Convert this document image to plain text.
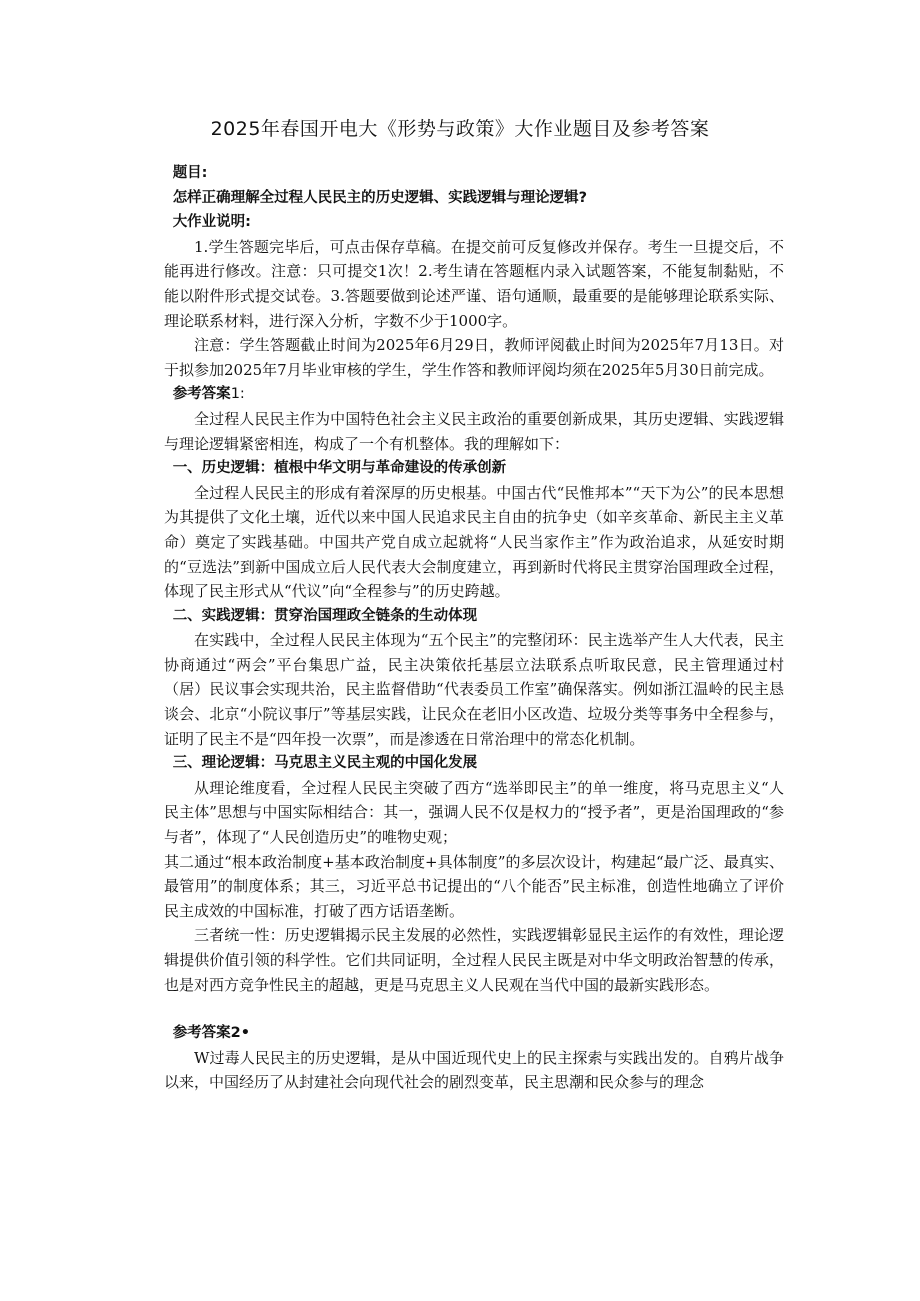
2025年春国开电大《形势与政策》大作业题目及参考答案

题目:

怎样正确理解全过程人民民主的历史逻辑、实践逻辑与理论逻辑?

大作业说明:

1.学生答题完毕后，可点击保存草稿。在提交前可反复修改并保存。考生一旦提交后，不能再进行修改。注意：只可提交1次！2.考生请在答题框内录入试题答案，不能复制黏贴，不能以附件形式提交试卷。3.答题要做到论述严谨、语句通顺，最重要的是能够理论联系实际、理论联系材料，进行深入分析，字数不少于1000字。

注意：学生答题截止时间为2025年6月29日，教师评阅截止时间为2025年7月13日。对于拟参加2025年7月毕业审核的学生，学生作答和教师评阅均须在2025年5月30日前完成。

参考答案1:

全过程人民民主作为中国特色社会主义民主政治的重要创新成果，其历史逻辑、实践逻辑与理论逻辑紧密相连，构成了一个有机整体。我的理解如下：

一、历史逻辑：植根中华文明与革命建设的传承创新

全过程人民民主的形成有着深厚的历史根基。中国古代“民惟邦本”“天下为公”的民本思想为其提供了文化土壤，近代以来中国人民追求民主自由的抗争史（如辛亥革命、新民主主义革命）奠定了实践基础。中国共产党自成立起就将“人民当家作主”作为政治追求，从延安时期的“豆选法”到新中国成立后人民代表大会制度建立，再到新时代将民主贯穿治国理政全过程，体现了民主形式从“代议”向“全程参与”的历史跨越。

二、实践逻辑：贯穿治国理政全链条的生动体现

在实践中，全过程人民民主体现为“五个民主”的完整闭环：民主选举产生人大代表，民主协商通过“两会”平台集思广益，民主决策依托基层立法联系点听取民意，民主管理通过村（居）民议事会实现共治，民主监督借助“代表委员工作室”确保落实。例如浙江温岭的民主恳谈会、北京“小院议事厅”等基层实践，让民众在老旧小区改造、垃圾分类等事务中全程参与，证明了民主不是“四年投一次票”，而是渗透在日常治理中的常态化机制。

三、理论逻辑：马克思主义民主观的中国化发展

从理论维度看，全过程人民民主突破了西方“选举即民主”的单一维度，将马克思主义“人民主体”思想与中国实际相结合：其一，强调人民不仅是权力的“授予者”，更是治国理政的“参与者”，体现了“人民创造历史”的唯物史观；

其二通过“根本政治制度+基本政治制度+具体制度”的多层次设计，构建起“最广泛、最真实、最管用”的制度体系；其三，习近平总书记提出的“八个能否”民主标准，创造性地确立了评价民主成效的中国标准，打破了西方话语垄断。

三者统一性：历史逻辑揭示民主发展的必然性，实践逻辑彰显民主运作的有效性，理论逻辑提供价值引领的科学性。它们共同证明，全过程人民民主既是对中华文明政治智慧的传承，也是对西方竞争性民主的超越，更是马克思主义人民观在当代中国的最新实践形态。

参考答案2•

W过毒人民民主的历史逻辑，是从中国近现代史上的民主探索与实践出发的。自鸦片战争以来，中国经历了从封建社会向现代社会的剧烈变革，民主思潮和民众参与的理念
